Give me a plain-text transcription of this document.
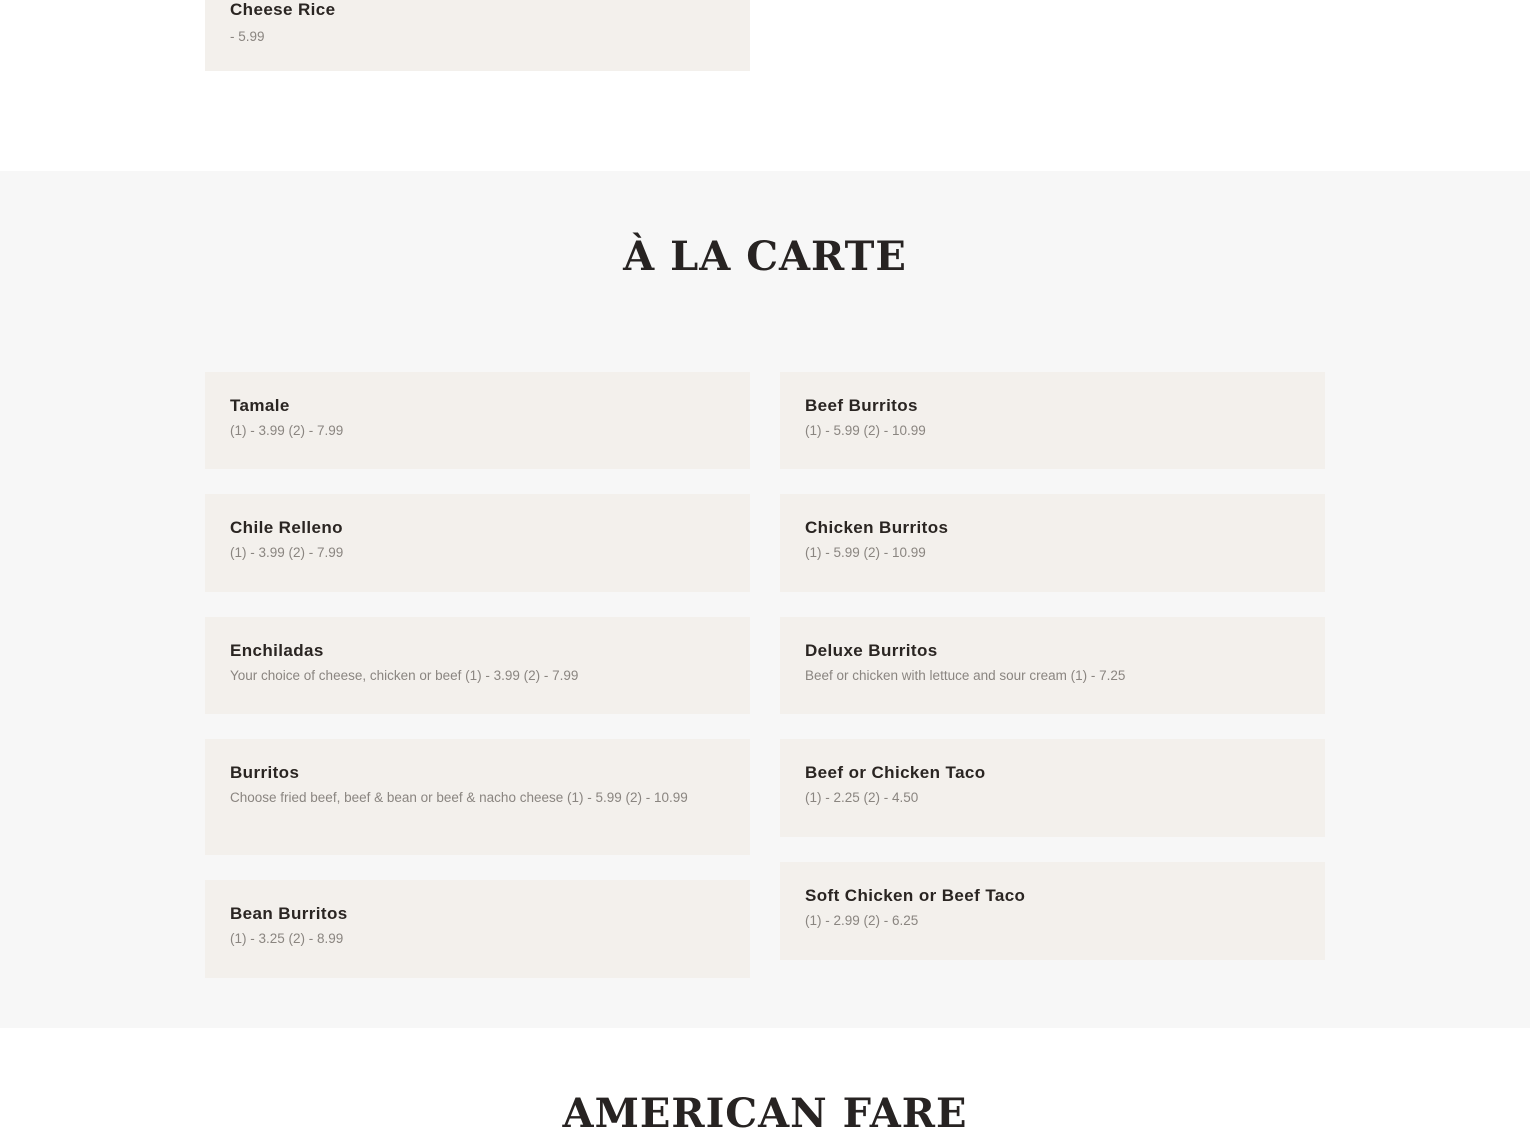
Cheese Rice
- 5.99
À LA CARTE
Tamale
(1) - 3.99 (2) - 7.99
Chile Relleno
(1) - 3.99 (2) - 7.99
Enchiladas
Your choice of cheese, chicken or beef (1) - 3.99 (2) - 7.99
Burritos
Choose fried beef, beef & bean or beef & nacho cheese (1) - 5.99 (2) - 10.99
Bean Burritos
(1) - 3.25 (2) - 8.99
Beef Burritos
(1) - 5.99 (2) - 10.99
Chicken Burritos
(1) - 5.99 (2) - 10.99
Deluxe Burritos
Beef or chicken with lettuce and sour cream (1) - 7.25
Beef or Chicken Taco
(1) - 2.25 (2) - 4.50
Soft Chicken or Beef Taco
(1) - 2.99 (2) - 6.25
AMERICAN FARE
